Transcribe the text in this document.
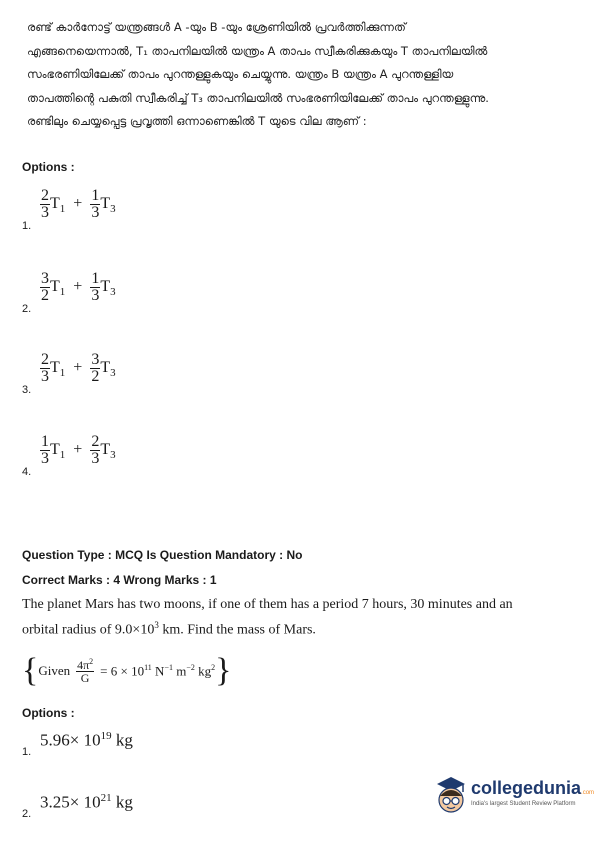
രണ്ട് കാർനോട്ട് യന്ത്രങ്ങൾ A -യും B -യും ശ്രേണിയിൽ പ്രവർത്തിക്കുന്നത്
എങ്ങനെയെന്നാൽ, T₁ താപനിലയിൽ യന്ത്രം A താപം സ്വീകരിക്കുകയും T താപനിലയിൽ
സംഭരണിയിലേക്ക് താപം പുറന്തള്ളുകയും ചെയ്യുന്നു. യന്ത്രം B യന്ത്രം A പുറന്തള്ളിയ
താപത്തിന്റെ പകുതി സ്വീകരിച്ച് T₃ താപനിലയിൽ സംഭരണിയിലേക്ക് താപം പുറന്തള്ളുന്നു.
രണ്ടിലും ചെയ്യപ്പെട്ട പ്രവൃത്തി ഒന്നാണെങ്കിൽ T യുടെ വില ആണ് :
Options :
1.
$\frac{2}{3} T_1 + \frac{1}{3} T_3$
2.
$\frac{3}{2} T_1 + \frac{1}{3} T_3$
3.
$\frac{2}{3} T_1 + \frac{3}{2} T_3$
4.
$\frac{1}{3} T_1 + \frac{2}{3} T_3$
Question Type : MCQ Is Question Mandatory : No
Correct Marks : 4 Wrong Marks : 1
The planet Mars has two moons, if one of them has a period 7 hours, 30 minutes and an
orbital radius of $9.0\times 10^3$ km. Find the mass of Mars.
{ Given $\frac{4\pi^2}{G} = 6 \times 10^{11}$ $N^{-1}$ $m^{-2}$ $kg^2$ }
Options :
1.
$5.96\times 10^{19}$ kg
2.
$3.25\times 10^{21}$ kg
collegedunia.com
India's largest Student Review Platform
